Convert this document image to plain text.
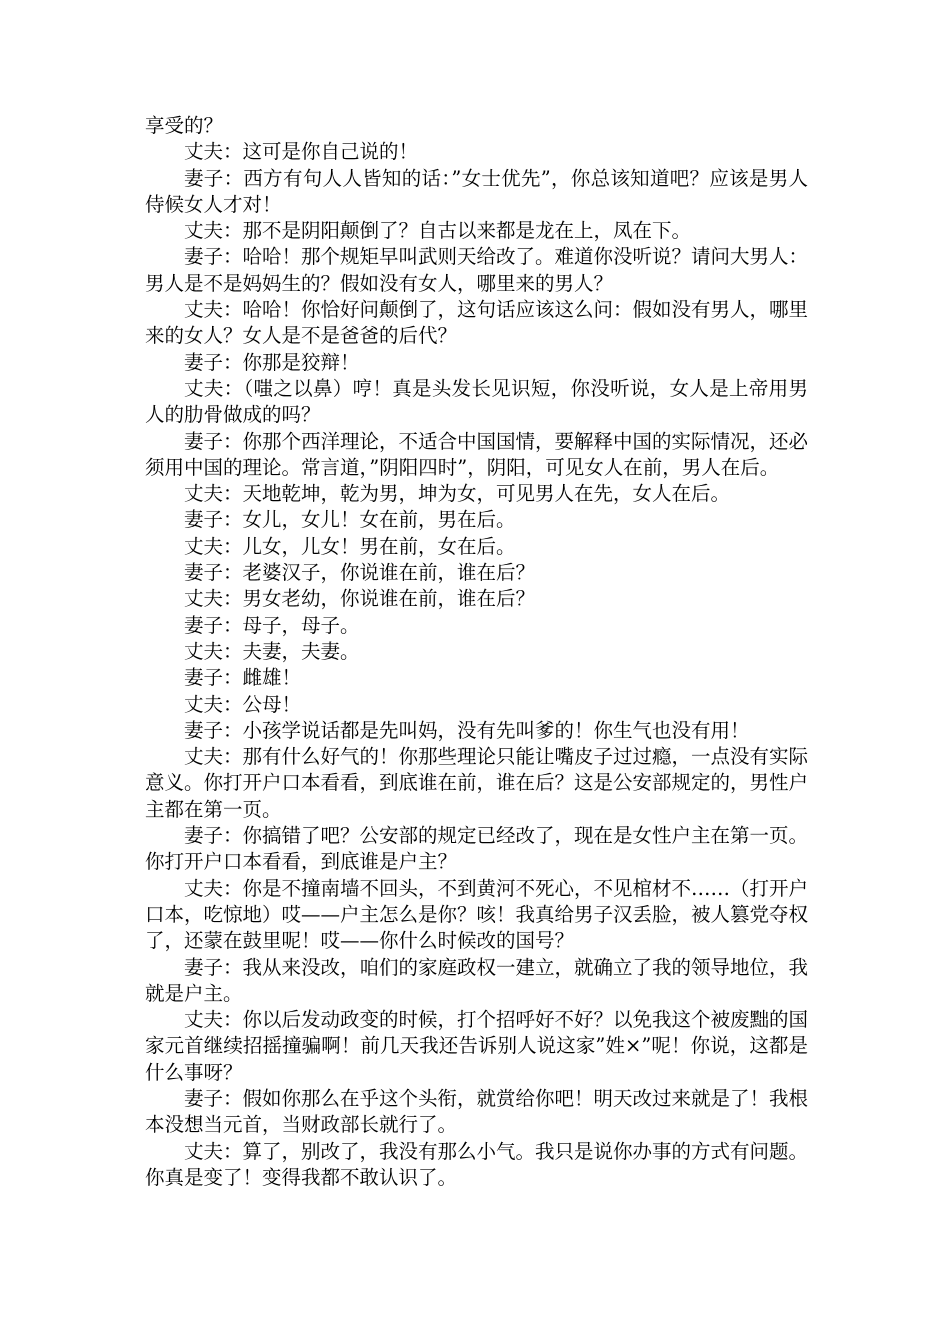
享受的？

丈夫：这可是你自己说的！

妻子：西方有句人人皆知的话：”女士优先”，你总该知道吧？应该是男人侍候女人才对！

丈夫：那不是阴阳颠倒了？自古以来都是龙在上，凤在下。

妻子：哈哈！那个规矩早叫武则天给改了。难道你没听说？请问大男人：男人是不是妈妈生的？假如没有女人，哪里来的男人？

丈夫：哈哈！你恰好问颠倒了，这句话应该这么问：假如没有男人，哪里来的女人？女人是不是爸爸的后代？

妻子：你那是狡辩！

丈夫：（嗤之以鼻）哼！真是头发长见识短，你没听说，女人是上帝用男人的肋骨做成的吗？

妻子：你那个西洋理论，不适合中国国情，要解释中国的实际情况，还必须用中国的理论。常言道，”阴阳四时”，阴阳，可见女人在前，男人在后。

丈夫：天地乾坤，乾为男，坤为女，可见男人在先，女人在后。

妻子：女儿，女儿！女在前，男在后。

丈夫：儿女，儿女！男在前，女在后。

妻子：老婆汉子，你说谁在前，谁在后？

丈夫：男女老幼，你说谁在前，谁在后？

妻子：母子，母子。

丈夫：夫妻，夫妻。

妻子：雌雄！

丈夫：公母！

妻子：小孩学说话都是先叫妈，没有先叫爹的！你生气也没有用！

丈夫：那有什么好气的！你那些理论只能让嘴皮子过过瘾，一点没有实际意义。你打开户口本看看，到底谁在前，谁在后？这是公安部规定的，男性户主都在第一页。

妻子：你搞错了吧？公安部的规定已经改了，现在是女性户主在第一页。你打开户口本看看，到底谁是户主？

丈夫：你是不撞南墙不回头，不到黄河不死心，不见棺材不……（打开户口本，吃惊地）哎——户主怎么是你？咳！我真给男子汉丢脸，被人篡党夺权了，还蒙在鼓里呢！哎——你什么时候改的国号？

妻子：我从来没改，咱们的家庭政权一建立，就确立了我的领导地位，我就是户主。

丈夫：你以后发动政变的时候，打个招呼好不好？以免我这个被废黜的国家元首继续招摇撞骗啊！前几天我还告诉别人说这家”姓×”呢！你说，这都是什么事呀？

妻子：假如你那么在乎这个头衔，就赏给你吧！明天改过来就是了！我根本没想当元首，当财政部长就行了。

丈夫：算了，别改了，我没有那么小气。我只是说你办事的方式有问题。你真是变了！变得我都不敢认识了。
